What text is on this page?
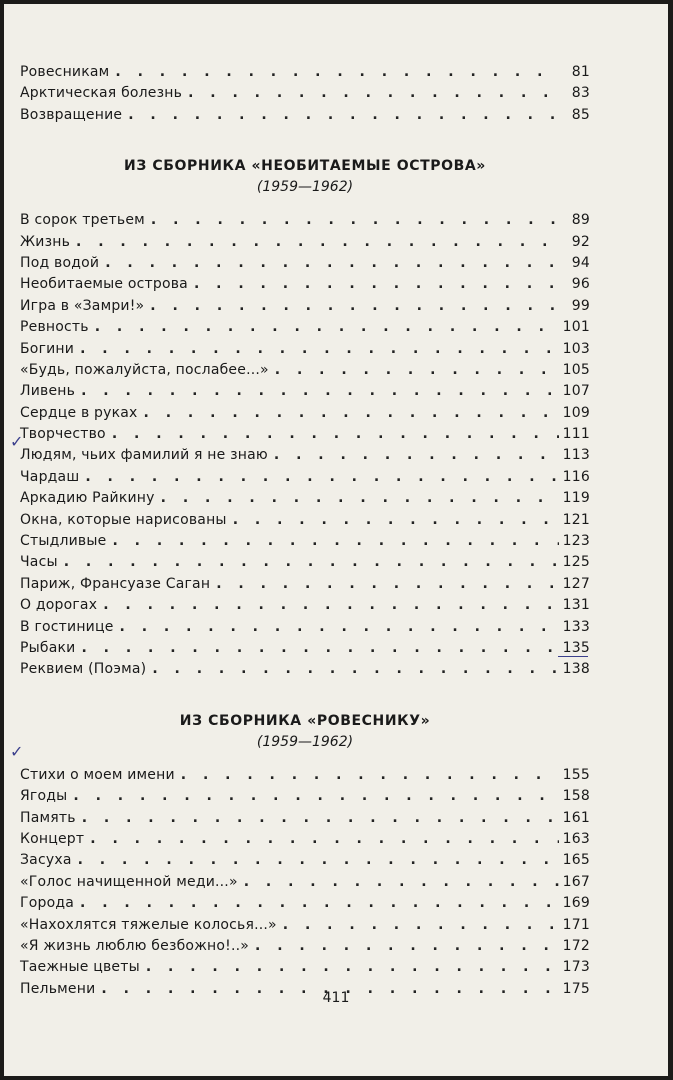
Ровесникам . . .	81
Арктическая болезнь . . .	83
Возвращение . . .	85
ИЗ СБОРНИКА «НЕОБИТАЕМЫЕ ОСТРОВА»
(1959—1962)
В сорок третьем . . .	89
Жизнь . . .	92
Под водой . . .	94
Необитаемые острова . . .	96
Игра в «Замри!» . . .	99
Ревность . . .	101
Богини . . .	103
«Будь, пожалуйста, послабее...» . . .	105
Ливень . . .	107
Сердце в руках . . .	109
Творчество . . .	111
Людям, чьих фамилий я не знаю . . .	113
Чардаш . . .	116
Аркадию Райкину . . .	119
Окна, которые нарисованы . . .	121
Стыдливые . . .	123
Часы . . .	125
Париж, Франсуазе Саган . . .	127
О дорогах . . .	131
В гостинице . . .	133
Рыбаки . . .	135
Реквием (Поэма) . . .	138
ИЗ СБОРНИКА «РОВЕСНИКУ»
(1959—1962)
Стихи о моем имени . . .	155
Ягоды . . .	158
Память . . .	161
Концерт . . .	163
Засуха . . .	165
«Голос начищенной меди...» . . .	167
Города . . .	169
«Нахохлятся тяжелые колосья...» . . .	171
«Я жизнь люблю безбожно!..» . . .	172
Таежные цветы . . .	173
Пельмени . . .	175
✓
✓
411
